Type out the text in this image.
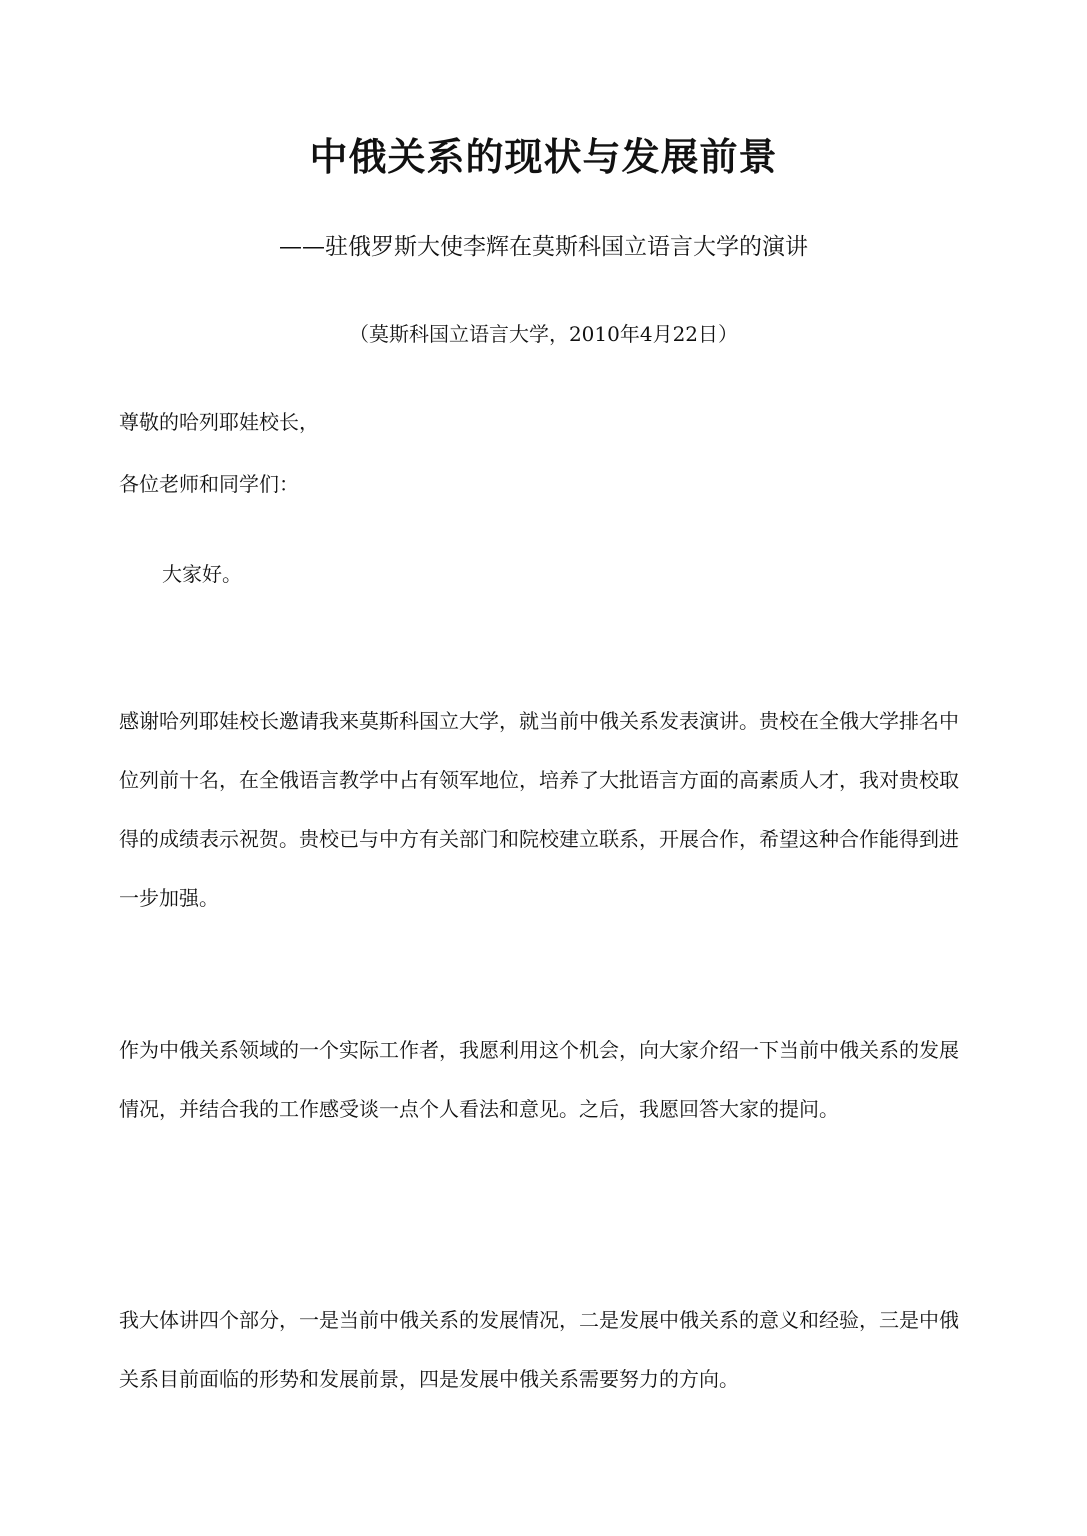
中俄关系的现状与发展前景
——驻俄罗斯大使李辉在莫斯科国立语言大学的演讲
（莫斯科国立语言大学，2010年4月22日）
尊敬的哈列耶娃校长，
各位老师和同学们：
大家好。
感谢哈列耶娃校长邀请我来莫斯科国立大学，就当前中俄关系发表演讲。贵校在全俄大学排名中位列前十名，在全俄语言教学中占有领军地位，培养了大批语言方面的高素质人才，我对贵校取得的成绩表示祝贺。贵校已与中方有关部门和院校建立联系，开展合作，希望这种合作能得到进一步加强。
作为中俄关系领域的一个实际工作者，我愿利用这个机会，向大家介绍一下当前中俄关系的发展情况，并结合我的工作感受谈一点个人看法和意见。之后，我愿回答大家的提问。
我大体讲四个部分，一是当前中俄关系的发展情况，二是发展中俄关系的意义和经验，三是中俄关系目前面临的形势和发展前景，四是发展中俄关系需要努力的方向。
